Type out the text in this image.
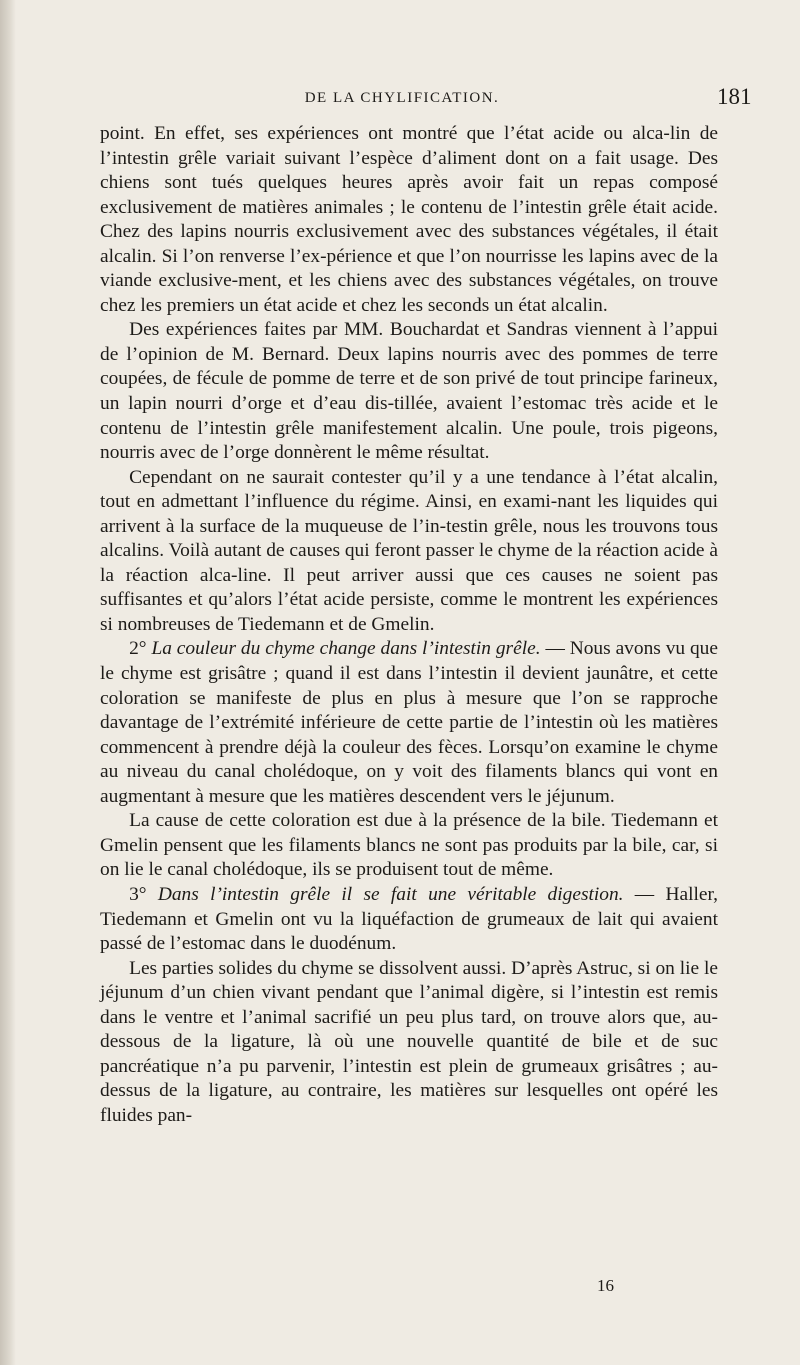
DE LA CHYLIFICATION.	181

point. En effet, ses expériences ont montré que l’état acide ou alca-lin de l’intestin grêle variait suivant l’espèce d’aliment dont on a fait usage. Des chiens sont tués quelques heures après avoir fait un repas composé exclusivement de matières animales ; le contenu de l’intestin grêle était acide. Chez des lapins nourris exclusivement avec des substances végétales, il était alcalin. Si l’on renverse l’ex-périence et que l’on nourrisse les lapins avec de la viande exclusive-ment, et les chiens avec des substances végétales, on trouve chez les premiers un état acide et chez les seconds un état alcalin.

Des expériences faites par MM. Bouchardat et Sandras viennent à l’appui de l’opinion de M. Bernard. Deux lapins nourris avec des pommes de terre coupées, de fécule de pomme de terre et de son privé de tout principe farineux, un lapin nourri d’orge et d’eau dis-tillée, avaient l’estomac très acide et le contenu de l’intestin grêle manifestement alcalin. Une poule, trois pigeons, nourris avec de l’orge donnèrent le même résultat.

Cependant on ne saurait contester qu’il y a une tendance à l’état alcalin, tout en admettant l’influence du régime. Ainsi, en exami-nant les liquides qui arrivent à la surface de la muqueuse de l’in-testin grêle, nous les trouvons tous alcalins. Voilà autant de causes qui feront passer le chyme de la réaction acide à la réaction alca-line. Il peut arriver aussi que ces causes ne soient pas suffisantes et qu’alors l’état acide persiste, comme le montrent les expériences si nombreuses de Tiedemann et de Gmelin.

2° La couleur du chyme change dans l’intestin grêle. — Nous avons vu que le chyme est grisâtre ; quand il est dans l’intestin il devient jaunâtre, et cette coloration se manifeste de plus en plus à mesure que l’on se rapproche davantage de l’extrémité inférieure de cette partie de l’intestin où les matières commencent à prendre déjà la couleur des fèces. Lorsqu’on examine le chyme au niveau du canal cholédoque, on y voit des filaments blancs qui vont en augmentant à mesure que les matières descendent vers le jéjunum.

La cause de cette coloration est due à la présence de la bile. Tiedemann et Gmelin pensent que les filaments blancs ne sont pas produits par la bile, car, si on lie le canal cholédoque, ils se produisent tout de même.

3° Dans l’intestin grêle il se fait une véritable digestion. — Haller, Tiedemann et Gmelin ont vu la liquéfaction de grumeaux de lait qui avaient passé de l’estomac dans le duodénum.

Les parties solides du chyme se dissolvent aussi. D’après Astruc, si on lie le jéjunum d’un chien vivant pendant que l’animal digère, si l’intestin est remis dans le ventre et l’animal sacrifié un peu plus tard, on trouve alors que, au-dessous de la ligature, là où une nouvelle quantité de bile et de suc pancréatique n’a pu parvenir, l’intestin est plein de grumeaux grisâtres ; au-dessus de la ligature, au contraire, les matières sur lesquelles ont opéré les fluides pan-

16
